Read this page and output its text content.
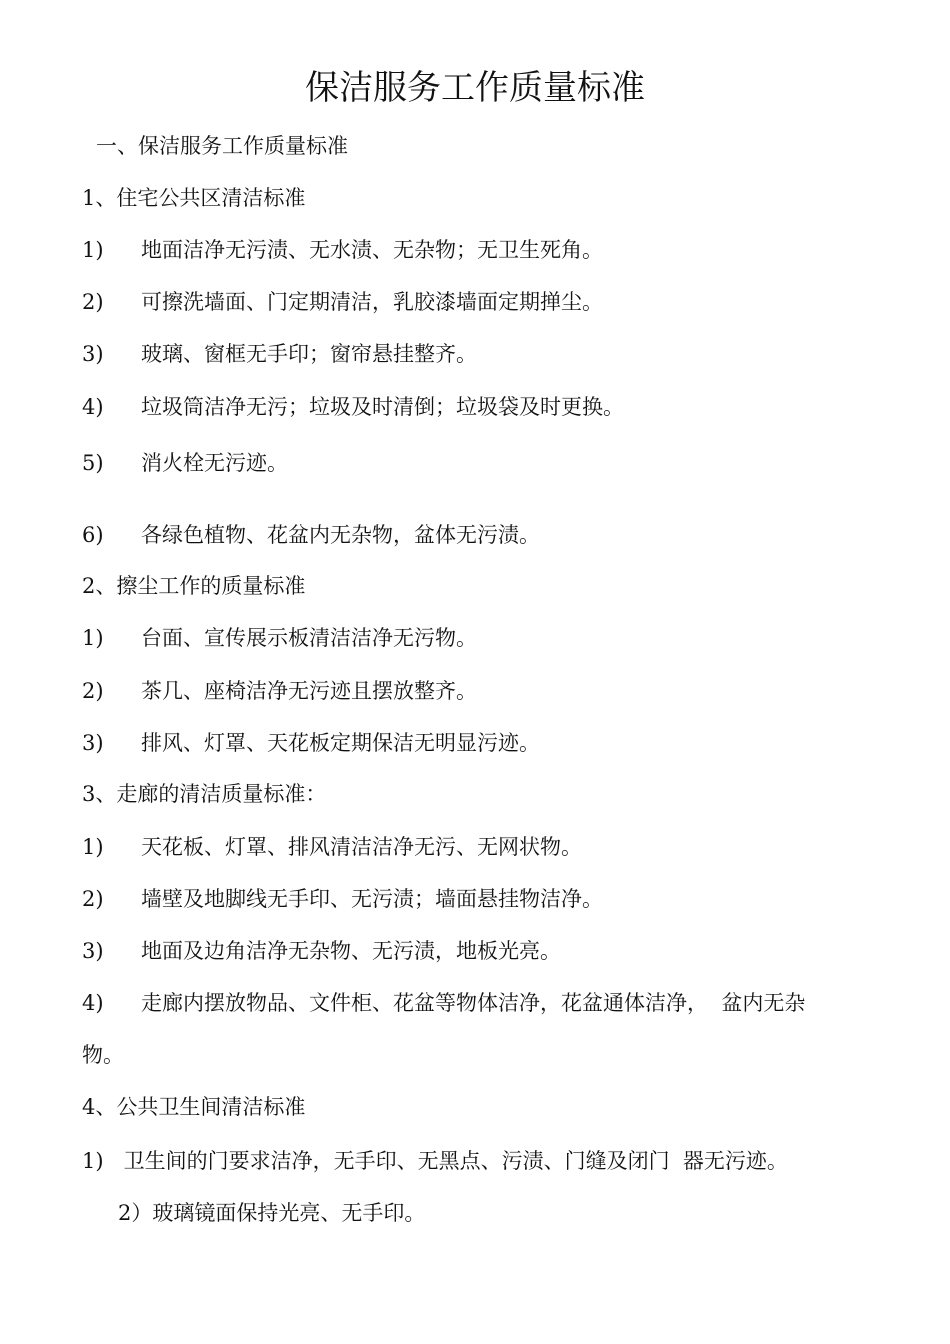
保洁服务工作质量标准
一、保洁服务工作质量标准
1、住宅公共区清洁标准
1) 地面洁净无污渍、无水渍、无杂物；无卫生死角。
2) 可擦洗墙面、门定期清洁，乳胶漆墙面定期掸尘。
3) 玻璃、窗框无手印；窗帘悬挂整齐。
4) 垃圾筒洁净无污；垃圾及时清倒；垃圾袋及时更换。
5) 消火栓无污迹。
6) 各绿色植物、花盆内无杂物，盆体无污渍。
2、擦尘工作的质量标准
1) 台面、宣传展示板清洁洁净无污物。
2) 茶几、座椅洁净无污迹且摆放整齐。
3) 排风、灯罩、天花板定期保洁无明显污迹。
3、走廊的清洁质量标准：
1) 天花板、灯罩、排风清洁洁净无污、无网状物。
2) 墙壁及地脚线无手印、无污渍；墙面悬挂物洁净。
3) 地面及边角洁净无杂物、无污渍，地板光亮。
4) 走廊内摆放物品、文件柜、花盆等物体洁净，花盆通体洁净，  盆内无杂
物。
4、公共卫生间清洁标准
1)   卫生间的门要求洁净，无手印、无黑点、污渍、门缝及闭门  器无污迹。
2）玻璃镜面保持光亮、无手印。
